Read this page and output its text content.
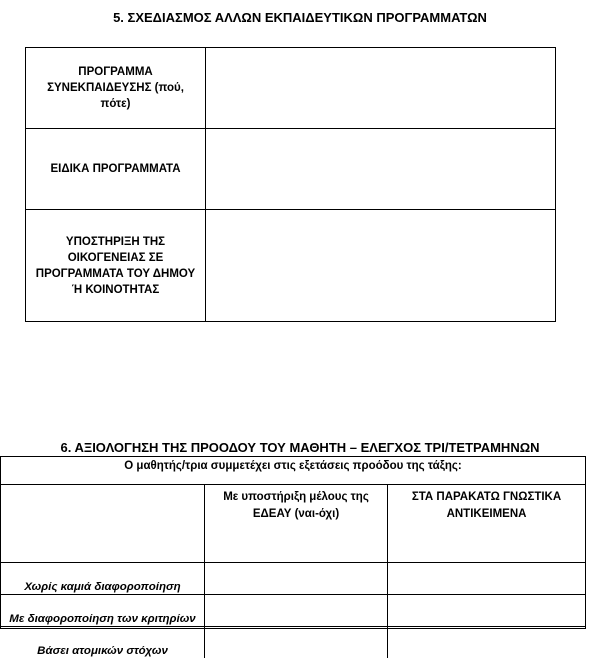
5. ΣΧΕΔΙΑΣΜΟΣ ΑΛΛΩΝ ΕΚΠΑΙΔΕΥΤΙΚΩΝ ΠΡΟΓΡΑΜΜΑΤΩΝ
ΠΡΟΓΡΑΜΜΑ
ΣΥΝΕΚΠΑΙΔΕΥΣΗΣ (πού, πότε)
ΕΙΔΙΚΑ ΠΡΟΓΡΑΜΜΑΤΑ
ΥΠΟΣΤΗΡΙΞΗ ΤΗΣ
ΟΙΚΟΓΕΝΕΙΑΣ ΣΕ
ΠΡΟΓΡΑΜΜΑΤΑ ΤΟΥ ΔΗΜΟΥ
Ή ΚΟΙΝΟΤΗΤΑΣ
6. ΑΞΙΟΛΟΓΗΣΗ ΤΗΣ ΠΡΟΟΔΟΥ ΤΟΥ ΜΑΘΗΤΗ – ΕΛΕΓΧΟΣ ΤΡΙ/ΤΕΤΡΑΜΗΝΩΝ
Ο μαθητής/τρια συμμετέχει στις εξετάσεις προόδου της τάξης:
Με υποστήριξη μέλους της
ΕΔΕΑΥ (ναι-όχι)
ΣΤΑ ΠΑΡΑΚΑΤΩ ΓΝΩΣΤΙΚΑ
ΑΝΤΙΚΕΙΜΕΝΑ
Χωρίς καμιά διαφοροποίηση
Με διαφοροποίηση των κριτηρίων
Βάσει ατομικών στόχων
